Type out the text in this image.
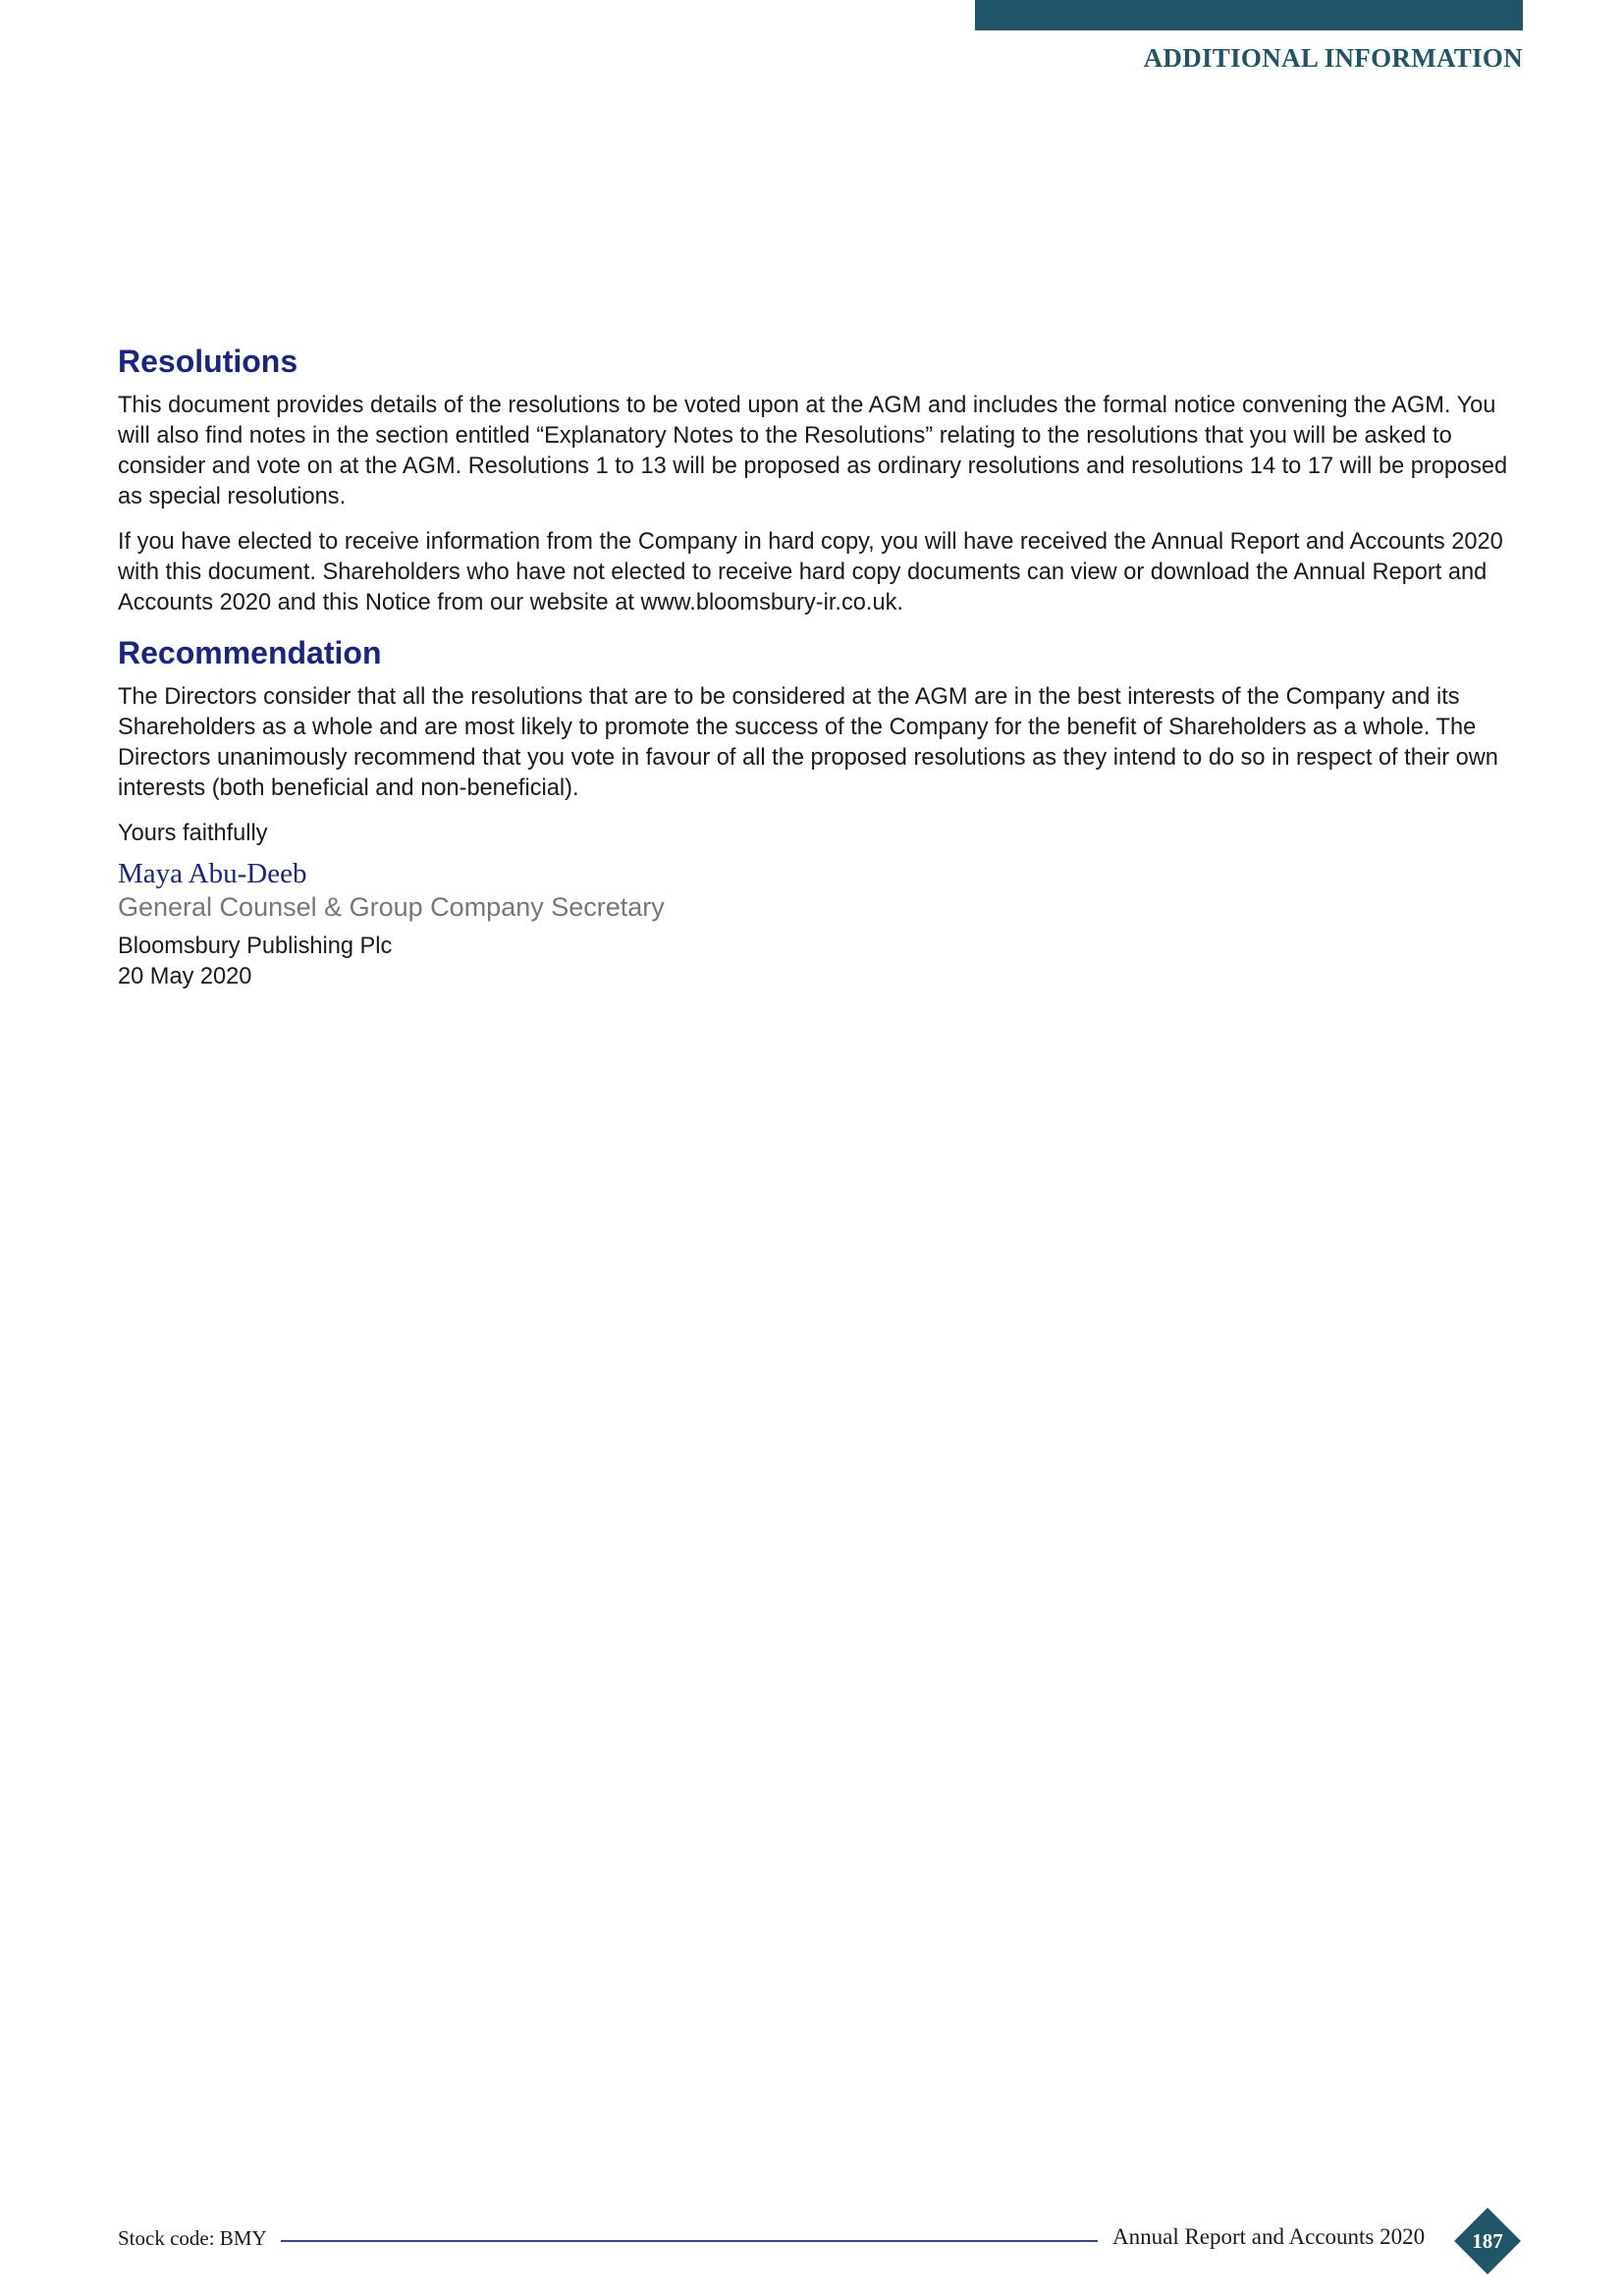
ADDITIONAL INFORMATION
Resolutions

This document provides details of the resolutions to be voted upon at the AGM and includes the formal notice convening the AGM. You will also find notes in the section entitled “Explanatory Notes to the Resolutions” relating to the resolutions that you will be asked to consider and vote on at the AGM. Resolutions 1 to 13 will be proposed as ordinary resolutions and resolutions 14 to 17 will be proposed as special resolutions.

If you have elected to receive information from the Company in hard copy, you will have received the Annual Report and Accounts 2020 with this document. Shareholders who have not elected to receive hard copy documents can view or download the Annual Report and Accounts 2020 and this Notice from our website at www.bloomsbury-ir.co.uk.

Recommendation

The Directors consider that all the resolutions that are to be considered at the AGM are in the best interests of the Company and its Shareholders as a whole and are most likely to promote the success of the Company for the benefit of Shareholders as a whole. The Directors unanimously recommend that you vote in favour of all the proposed resolutions as they intend to do so in respect of their own interests (both beneficial and non-beneficial).

Yours faithfully

Maya Abu-Deeb

General Counsel & Group Company Secretary

Bloomsbury Publishing Plc

20 May 2020

Stock code: BMY	Annual Report and Accounts 2020	187
